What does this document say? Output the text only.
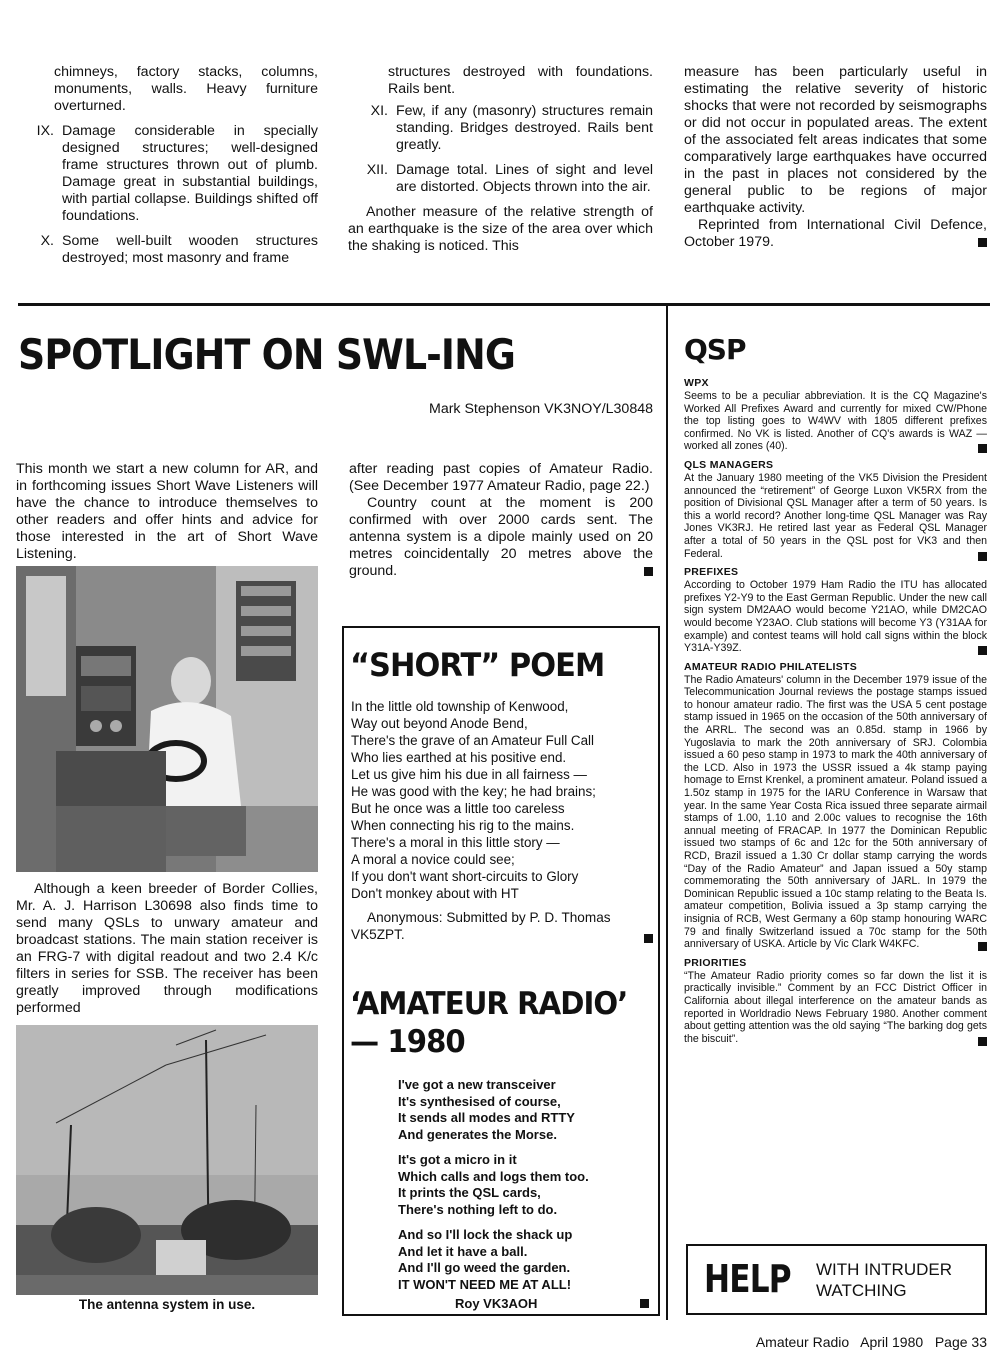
chimneys, factory stacks, columns, monuments, walls. Heavy furniture overturned.

IX. Damage considerable in specially designed structures; well-designed frame structures thrown out of plumb. Damage great in substantial buildings, with partial collapse. Buildings shifted off foundations.
X. Some well-built wooden structures destroyed; most masonry and frame

structures destroyed with foundations. Rails bent.

XI. Few, if any (masonry) structures remain standing. Bridges destroyed. Rails bent greatly.
XII. Damage total. Lines of sight and level are distorted. Objects thrown into the air.

Another measure of the relative strength of an earthquake is the size of the area over which the shaking is noticed. This

measure has been particularly useful in estimating the relative severity of historic shocks that were not recorded by seismographs or did not occur in populated areas. The extent of the associated felt areas indicates that some comparatively large earthquakes have occurred in the past in places not considered by the general public to be regions of major earthquake activity.

Reprinted from International Civil Defence, October 1979.

SPOTLIGHT ON SWL-ING
Mark Stephenson VK3NOY/L30848

This month we start a new column for AR, and in forthcoming issues Short Wave Listeners will have the chance to introduce themselves to other readers and offer hints and advice for those interested in the art of Short Wave Listening.

Although a keen breeder of Border Collies, Mr. A. J. Harrison L30698 also finds time to send many QSLs to unwary amateur and broadcast stations. The main station receiver is an FRG-7 with digital readout and two 2.4 K/c filters in series for SSB. The receiver has been greatly improved through modifications performed

The antenna system in use.

after reading past copies of Amateur Radio. (See December 1977 Amateur Radio, page 22.)

Country count at the moment is 200 confirmed with over 2000 cards sent. The antenna system is a dipole mainly used on 20 metres coincidentally 20 metres above the ground.

“SHORT” POEM
In the little old township of Kenwood,
Way out beyond Anode Bend,
There's the grave of an Amateur Full Call
Who lies earthed at his positive end.
Let us give him his due in all fairness —
He was good with the key; he had brains;
But he once was a little too careless
When connecting his rig to the mains.
There's a moral in this little story —
A moral a novice could see;
If you don't want short-circuits to Glory
Don't monkey about with HT
Anonymous: Submitted by P. D. Thomas VK5ZPT.
‘AMATEUR RADIO’
— 1980
I've got a new transceiver
It's synthesised of course,
It sends all modes and RTTY
And generates the Morse.
It's got a micro in it
Which calls and logs them too.
It prints the QSL cards,
There's nothing left to do.
And so I'll lock the shack up
And let it have a ball.
And I'll go weed the garden.
IT WON'T NEED ME AT ALL!
Roy VK3AOH
QSP
WPX
Seems to be a peculiar abbreviation. It is the CQ Magazine's Worked All Prefixes Award and currently for mixed CW/Phone the top listing goes to W4WV with 1805 different prefixes confirmed. No VK is listed. Another of CQ's awards is WAZ — worked all zones (40).
QLS MANAGERS
At the January 1980 meeting of the VK5 Division the President announced the “retirement” of George Luxon VK5RX from the position of Divisional QSL Manager after a term of 50 years. Is this a world record? Another long-time QSL Manager was Ray Jones VK3RJ. He retired last year as Federal QSL Manager after a total of 50 years in the QSL post for VK3 and then Federal.
PREFIXES
According to October 1979 Ham Radio the ITU has allocated prefixes Y2-Y9 to the East German Republic. Under the new call sign system DM2AAO would become Y21AO, while DM2CAO would become Y23AO. Club stations will become Y3 (Y31AA for example) and contest teams will hold call signs within the block Y31A-Y39Z.
AMATEUR RADIO PHILATELISTS
The Radio Amateurs' column in the December 1979 issue of the Telecommunication Journal reviews the postage stamps issued to honour amateur radio. The first was the USA 5 cent postage stamp issued in 1965 on the occasion of the 50th anniversary of the ARRL. The second was an 0.85d. stamp in 1966 by Yugoslavia to mark the 20th anniversary of SRJ. Colombia issued a 60 peso stamp in 1973 to mark the 40th anniversary of the LCD. Also in 1973 the USSR issued a 4k stamp paying homage to Ernst Krenkel, a prominent amateur. Poland issued a 1.50z stamp in 1975 for the IARU Conference in Warsaw that year. In the same Year Costa Rica issued three separate airmail stamps of 1.00, 1.10 and 2.00c values to recognise the 16th annual meeting of FRACAP. In 1977 the Dominican Republic issued two stamps of 6c and 12c for the 50th anniversary of RCD, Brazil issued a 1.30 Cr dollar stamp carrying the words “Day of the Radio Amateur” and Japan issued a 50y stamp commemorating the 50th anniversary of JARL. In 1979 the Dominican Republic issued a 10c stamp relating to the Beata Is. amateur competition, Bolivia issued a 3p stamp carrying the insignia of RCB, West Germany a 60p stamp honouring WARC 79 and finally Switzerland issued a 70c stamp for the 50th anniversary of USKA. Article by Vic Clark W4KFC.
PRIORITIES
“The Amateur Radio priority comes so far down the list it is practically invisible.” Comment by an FCC District Officer in California about illegal interference on the amateur bands as reported in Worldradio News February 1980. Another comment about getting attention was the old saying “The barking dog gets the biscuit”.
HELP WITH INTRUDER
WATCHING
Amateur Radio April 1980 Page 33
